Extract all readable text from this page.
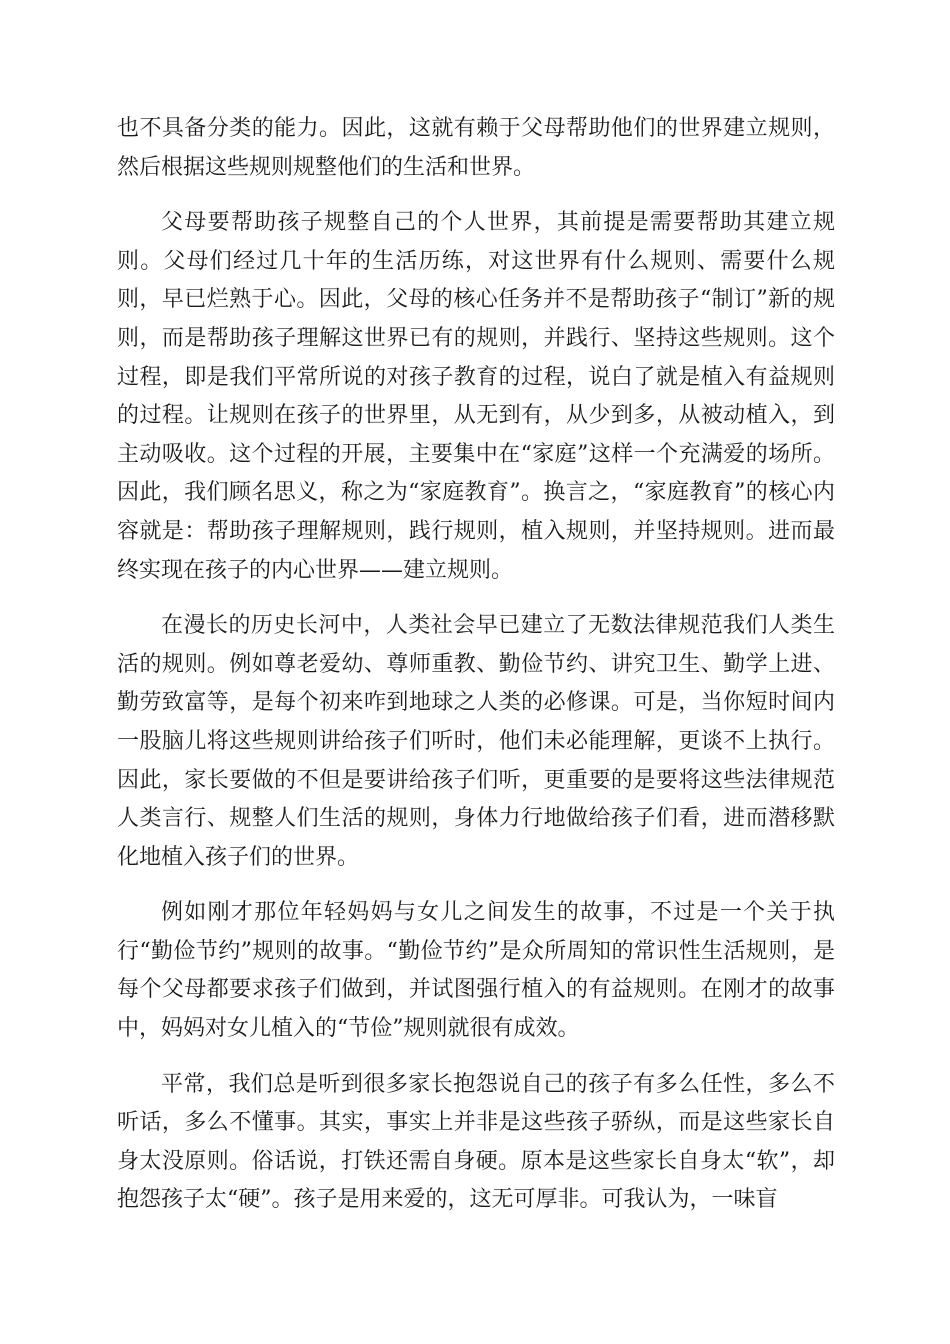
也不具备分类的能力。因此，这就有赖于父母帮助他们的世界建立规则，然后根据这些规则规整他们的生活和世界。

父母要帮助孩子规整自己的个人世界，其前提是需要帮助其建立规则。父母们经过几十年的生活历练，对这世界有什么规则、需要什么规则，早已烂熟于心。因此，父母的核心任务并不是帮助孩子“制订”新的规则，而是帮助孩子理解这世界已有的规则，并践行、坚持这些规则。这个过程，即是我们平常所说的对孩子教育的过程，说白了就是植入有益规则的过程。让规则在孩子的世界里，从无到有，从少到多，从被动植入，到主动吸收。这个过程的开展，主要集中在“家庭”这样一个充满爱的场所。因此，我们顾名思义，称之为“家庭教育”。换言之，“家庭教育”的核心内容就是：帮助孩子理解规则，践行规则，植入规则，并坚持规则。进而最终实现在孩子的内心世界——建立规则。

在漫长的历史长河中，人类社会早已建立了无数法律规范我们人类生活的规则。例如尊老爱幼、尊师重教、勤俭节约、讲究卫生、勤学上进、勤劳致富等，是每个初来咋到地球之人类的必修课。可是，当你短时间内一股脑儿将这些规则讲给孩子们听时，他们未必能理解，更谈不上执行。因此，家长要做的不但是要讲给孩子们听，更重要的是要将这些法律规范人类言行、规整人们生活的规则，身体力行地做给孩子们看，进而潜移默化地植入孩子们的世界。

例如刚才那位年轻妈妈与女儿之间发生的故事，不过是一个关于执行“勤俭节约”规则的故事。“勤俭节约”是众所周知的常识性生活规则，是每个父母都要求孩子们做到，并试图强行植入的有益规则。在刚才的故事中，妈妈对女儿植入的“节俭”规则就很有成效。

平常，我们总是听到很多家长抱怨说自己的孩子有多么任性，多么不听话，多么不懂事。其实，事实上并非是这些孩子骄纵，而是这些家长自身太没原则。俗话说，打铁还需自身硬。原本是这些家长自身太“软”，却抱怨孩子太“硬”。孩子是用来爱的，这无可厚非。可我认为，一味盲
